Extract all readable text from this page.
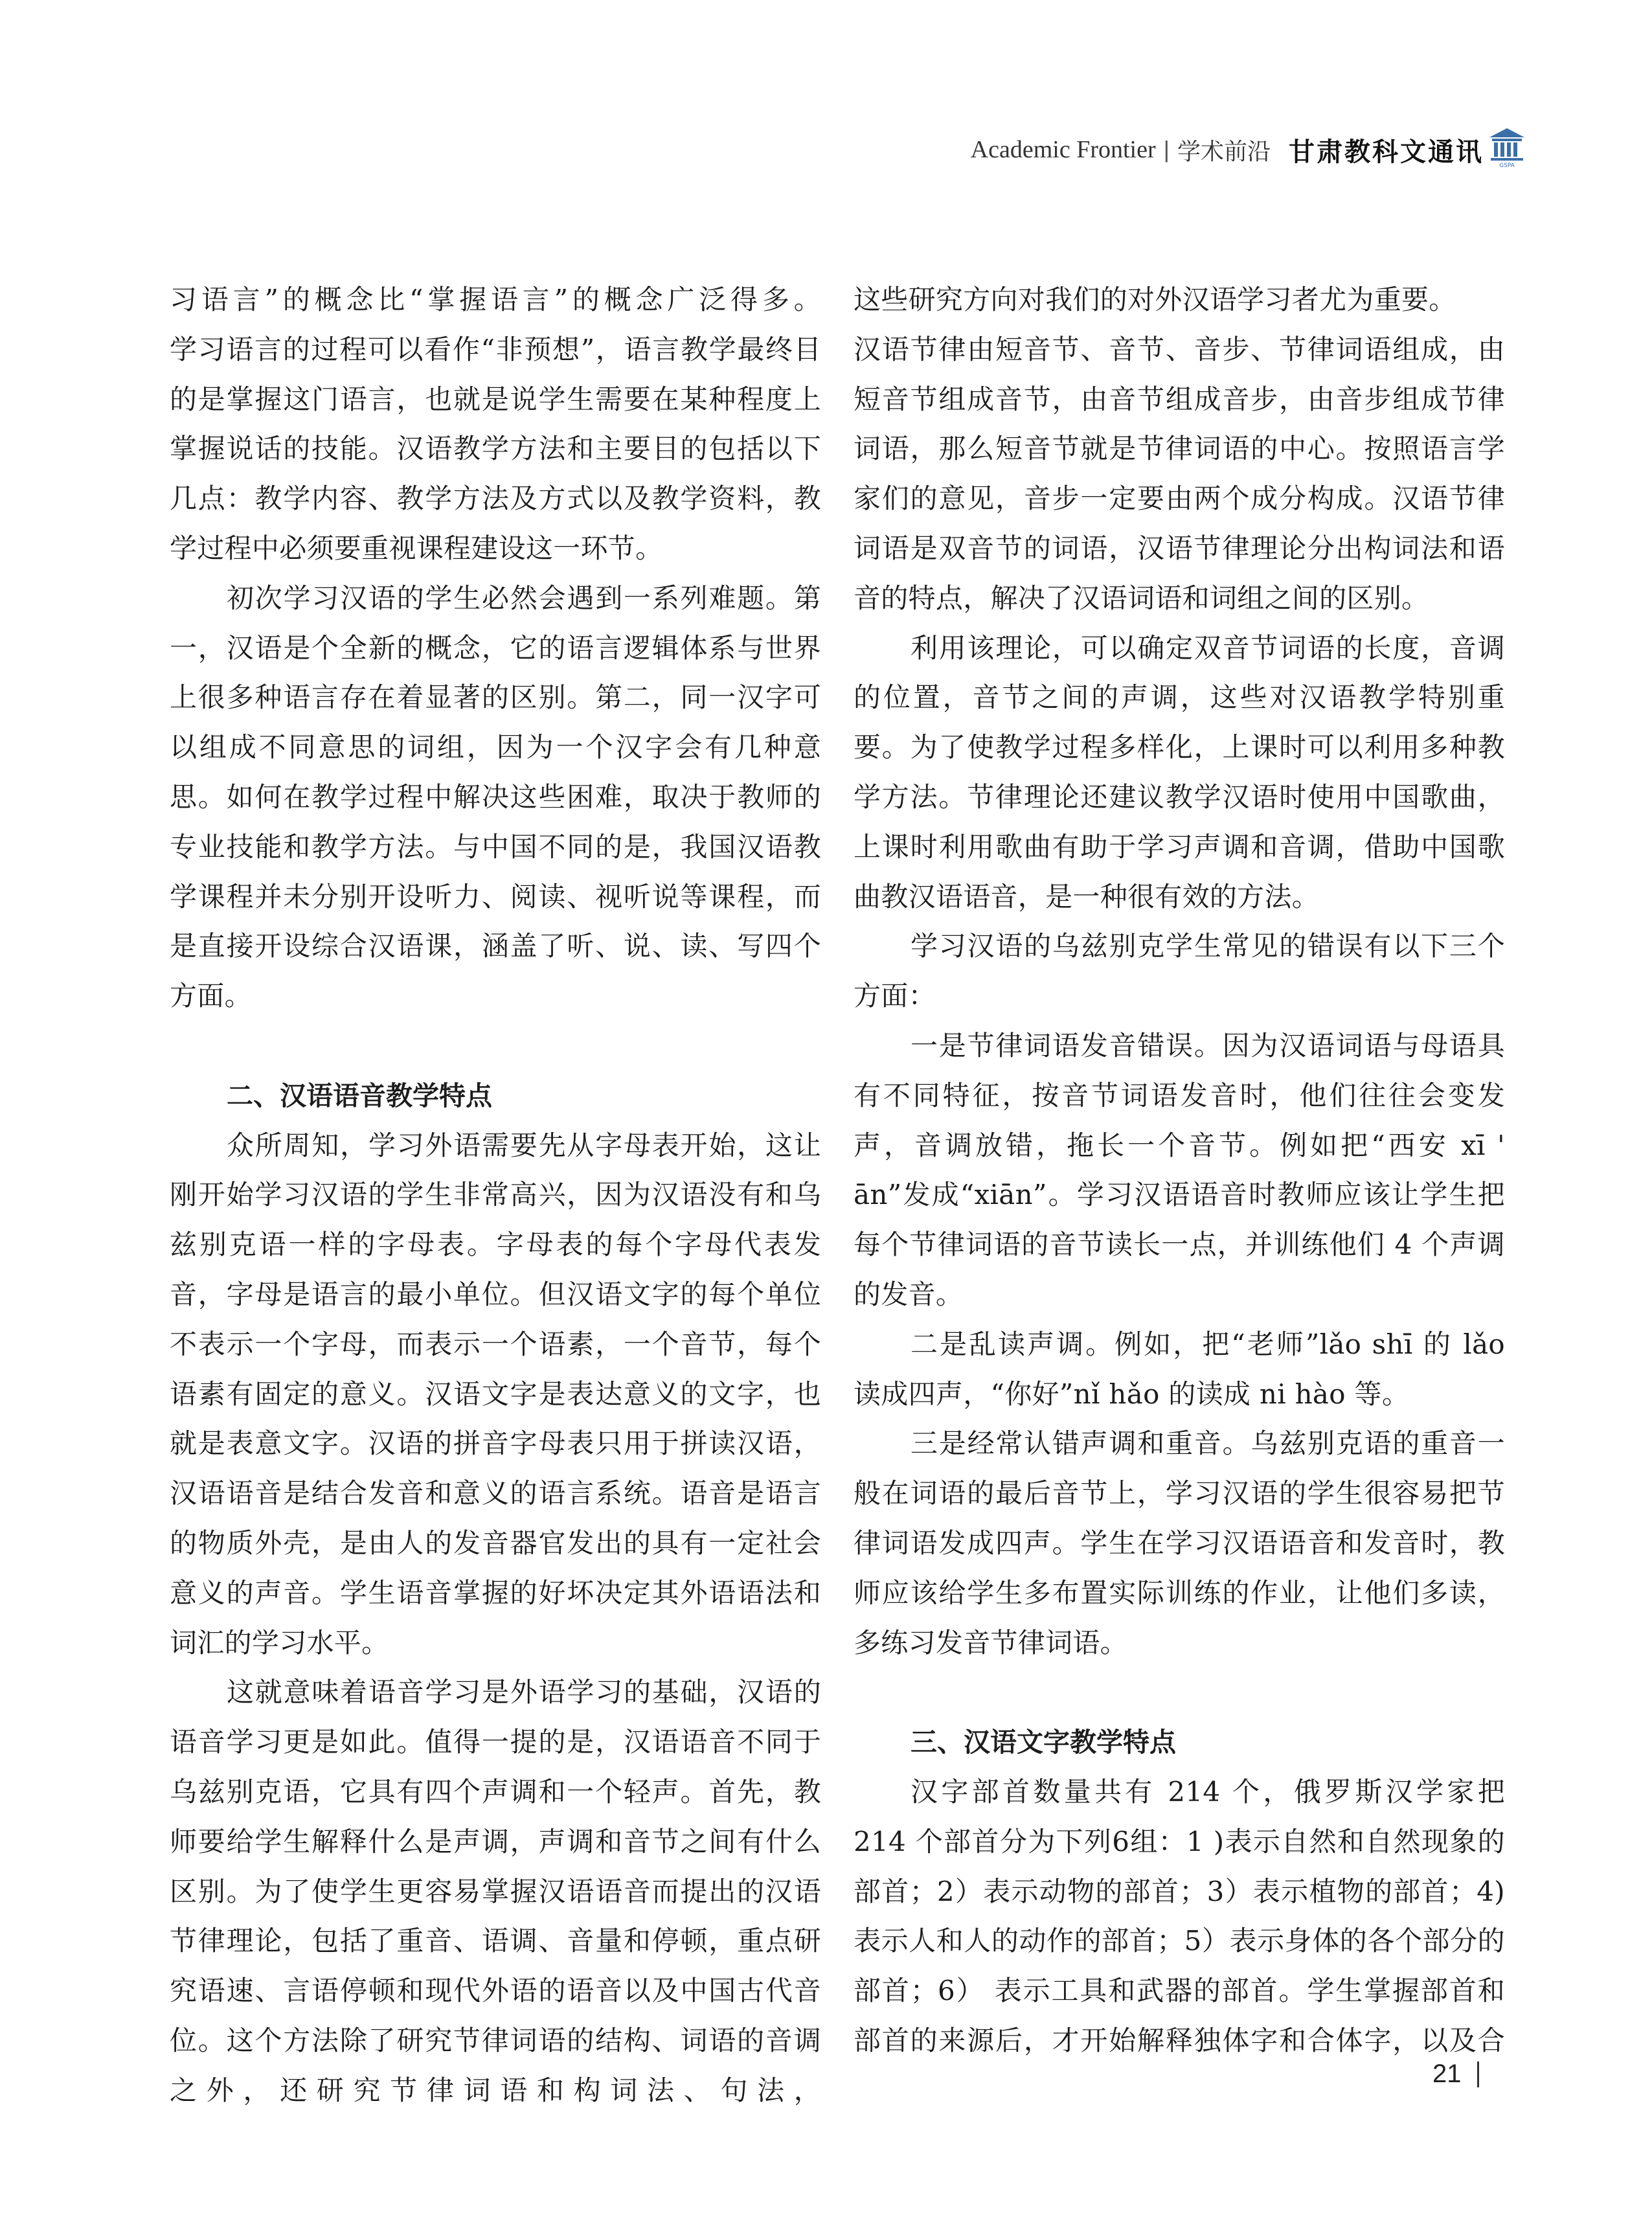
Academic Frontier | 学术前沿 甘肃教科文通讯	GSPA

习语言”的概念比“掌握语言”的概念广泛得多。

学习语言的过程可以看作“非预想”，语言教学最终目的是掌握这门语言，也就是说学生需要在某种程度上掌握说话的技能。汉语教学方法和主要目的包括以下几点：教学内容、教学方法及方式以及教学资料，教学过程中必须要重视课程建设这一环节。

初次学习汉语的学生必然会遇到一系列难题。第一，汉语是个全新的概念，它的语言逻辑体系与世界上很多种语言存在着显著的区别。第二，同一汉字可以组成不同意思的词组，因为一个汉字会有几种意思。如何在教学过程中解决这些困难，取决于教师的专业技能和教学方法。与中国不同的是，我国汉语教学课程并未分别开设听力、阅读、视听说等课程，而是直接开设综合汉语课，涵盖了听、说、读、写四个方面。

二、汉语语音教学特点

众所周知，学习外语需要先从字母表开始，这让刚开始学习汉语的学生非常高兴，因为汉语没有和乌兹别克语一样的字母表。字母表的每个字母代表发音，字母是语言的最小单位。但汉语文字的每个单位不表示一个字母，而表示一个语素，一个音节，每个语素有固定的意义。汉语文字是表达意义的文字，也就是表意文字。汉语的拼音字母表只用于拼读汉语，汉语语音是结合发音和意义的语言系统。语音是语言的物质外壳，是由人的发音器官发出的具有一定社会意义的声音。学生语音掌握的好坏决定其外语语法和词汇的学习水平。

这就意味着语音学习是外语学习的基础，汉语的语音学习更是如此。值得一提的是，汉语语音不同于乌兹别克语，它具有四个声调和一个轻声。首先，教师要给学生解释什么是声调，声调和音节之间有什么区别。为了使学生更容易掌握汉语语音而提出的汉语节律理论，包括了重音、语调、音量和停顿，重点研究语速、言语停顿和现代外语的语音以及中国古代音位。这个方法除了研究节律词语的结构、词语的音调之外，还研究节律词语和构词法、句法，

这些研究方向对我们的对外汉语学习者尤为重要。

汉语节律由短音节、音节、音步、节律词语组成，由短音节组成音节，由音节组成音步，由音步组成节律词语，那么短音节就是节律词语的中心。按照语言学家们的意见，音步一定要由两个成分构成。汉语节律词语是双音节的词语，汉语节律理论分出构词法和语音的特点，解决了汉语词语和词组之间的区别。

利用该理论，可以确定双音节词语的长度，音调的位置，音节之间的声调，这些对汉语教学特别重要。为了使教学过程多样化，上课时可以利用多种教学方法。节律理论还建议教学汉语时使用中国歌曲，上课时利用歌曲有助于学习声调和音调，借助中国歌曲教汉语语音，是一种很有效的方法。

学习汉语的乌兹别克学生常见的错误有以下三个方面：

一是节律词语发音错误。因为汉语词语与母语具有不同特征，按音节词语发音时，他们往往会变发声，音调放错，拖长一个音节。例如把“西安 xī ' ān”发成“xiān”。学习汉语语音时教师应该让学生把每个节律词语的音节读长一点，并训练他们 4 个声调的发音。

二是乱读声调。例如，把“老师”lǎo shī 的 lǎo 读成四声，“你好”nǐ hǎo 的读成 ni hào 等。

三是经常认错声调和重音。乌兹别克语的重音一般在词语的最后音节上，学习汉语的学生很容易把节律词语发成四声。学生在学习汉语语音和发音时，教师应该给学生多布置实际训练的作业，让他们多读，多练习发音节律词语。

三、汉语文字教学特点

汉字部首数量共有 214 个，俄罗斯汉学家把 214 个部首分为下列6组：1 )表示自然和自然现象的部首；2）表示动物的部首；3）表示植物的部首；4) 表示人和人的动作的部首；5）表示身体的各个部分的部首；6） 表示工具和武器的部首。学生掌握部首和部首的来源后，才开始解释独体字和合体字，以及合

21
